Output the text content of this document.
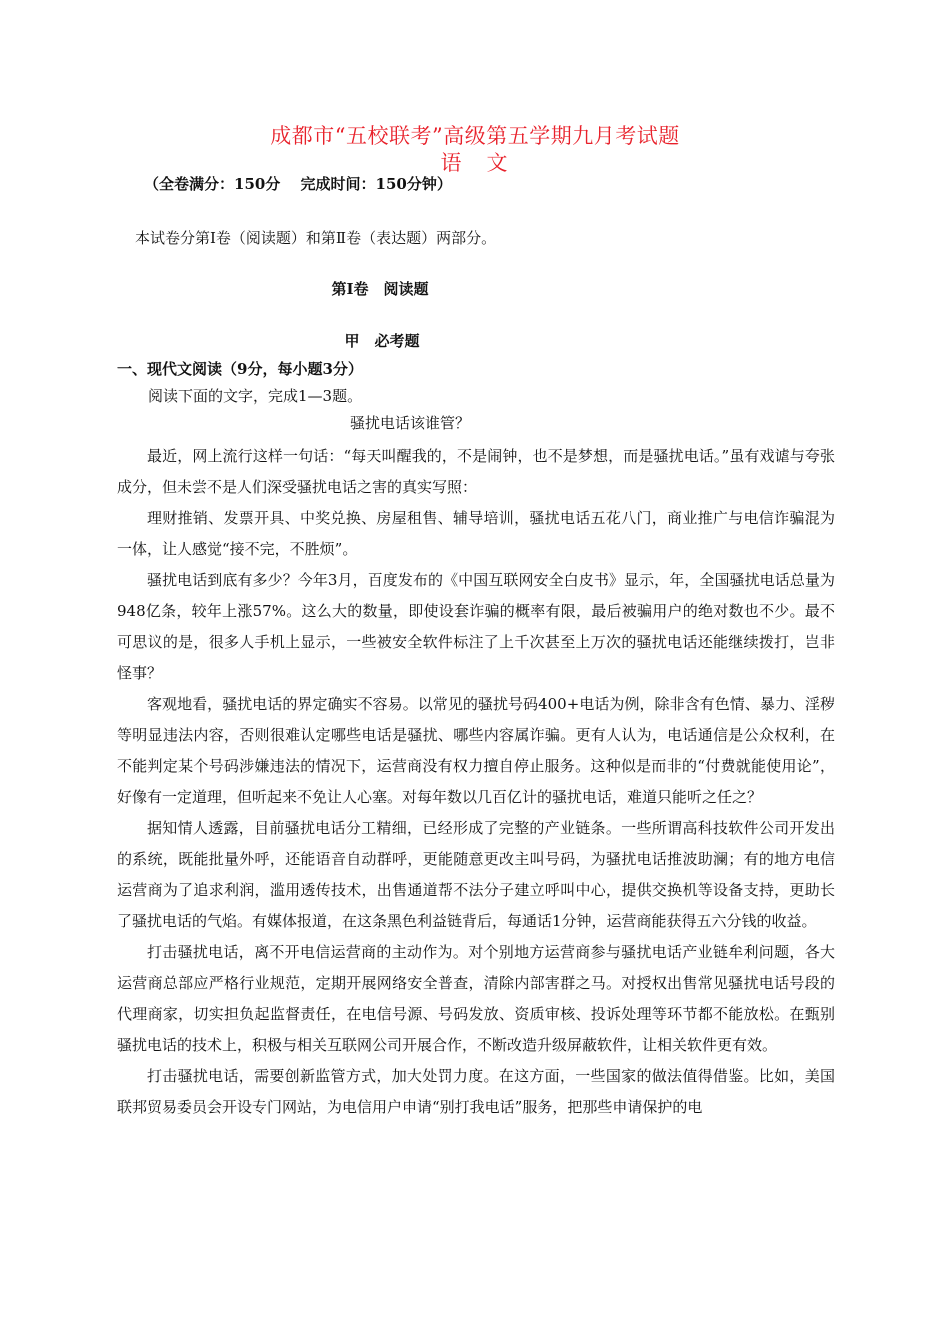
成都市“五校联考”高级第五学期九月考试题
语　文
（全卷满分：150分　 完成时间：150分钟）
本试卷分第Ⅰ卷（阅读题）和第Ⅱ卷（表达题）两部分。
第Ⅰ卷　阅读题
甲　必考题
一、现代文阅读（9分，每小题3分）
阅读下面的文字，完成1—3题。
骚扰电话该谁管？

最近，网上流行这样一句话：“每天叫醒我的，不是闹钟，也不是梦想，而是骚扰电话。”虽有戏谑与夸张成分，但未尝不是人们深受骚扰电话之害的真实写照：

理财推销、发票开具、中奖兑换、房屋租售、辅导培训，骚扰电话五花八门，商业推广与电信诈骗混为一体，让人感觉“接不完，不胜烦”。

骚扰电话到底有多少？今年3月，百度发布的《中国互联网安全白皮书》显示，年，全国骚扰电话总量为948亿条，较年上涨57%。这么大的数量，即使设套诈骗的概率有限，最后被骗用户的绝对数也不少。最不可思议的是，很多人手机上显示，一些被安全软件标注了上千次甚至上万次的骚扰电话还能继续拨打，岂非怪事？

客观地看，骚扰电话的界定确实不容易。以常见的骚扰号码400+电话为例，除非含有色情、暴力、淫秽等明显违法内容，否则很难认定哪些电话是骚扰、哪些内容属诈骗。更有人认为，电话通信是公众权利，在不能判定某个号码涉嫌违法的情况下，运营商没有权力擅自停止服务。这种似是而非的“付费就能使用论”，好像有一定道理，但听起来不免让人心塞。对每年数以几百亿计的骚扰电话，难道只能听之任之？

据知情人透露，目前骚扰电话分工精细，已经形成了完整的产业链条。一些所谓高科技软件公司开发出的系统，既能批量外呼，还能语音自动群呼，更能随意更改主叫号码，为骚扰电话推波助澜；有的地方电信运营商为了追求利润，滥用透传技术，出售通道帮不法分子建立呼叫中心，提供交换机等设备支持，更助长了骚扰电话的气焰。有媒体报道，在这条黑色利益链背后，每通话1分钟，运营商能获得五六分钱的收益。

打击骚扰电话，离不开电信运营商的主动作为。对个别地方运营商参与骚扰电话产业链牟利问题，各大运营商总部应严格行业规范，定期开展网络安全普查，清除内部害群之马。对授权出售常见骚扰电话号段的代理商家，切实担负起监督责任，在电信号源、号码发放、资质审核、投诉处理等环节都不能放松。在甄别骚扰电话的技术上，积极与相关互联网公司开展合作，不断改造升级屏蔽软件，让相关软件更有效。

打击骚扰电话，需要创新监管方式，加大处罚力度。在这方面，一些国家的做法值得借鉴。比如，美国联邦贸易委员会开设专门网站，为电信用户申请“别打我电话”服务，把那些申请保护的电
